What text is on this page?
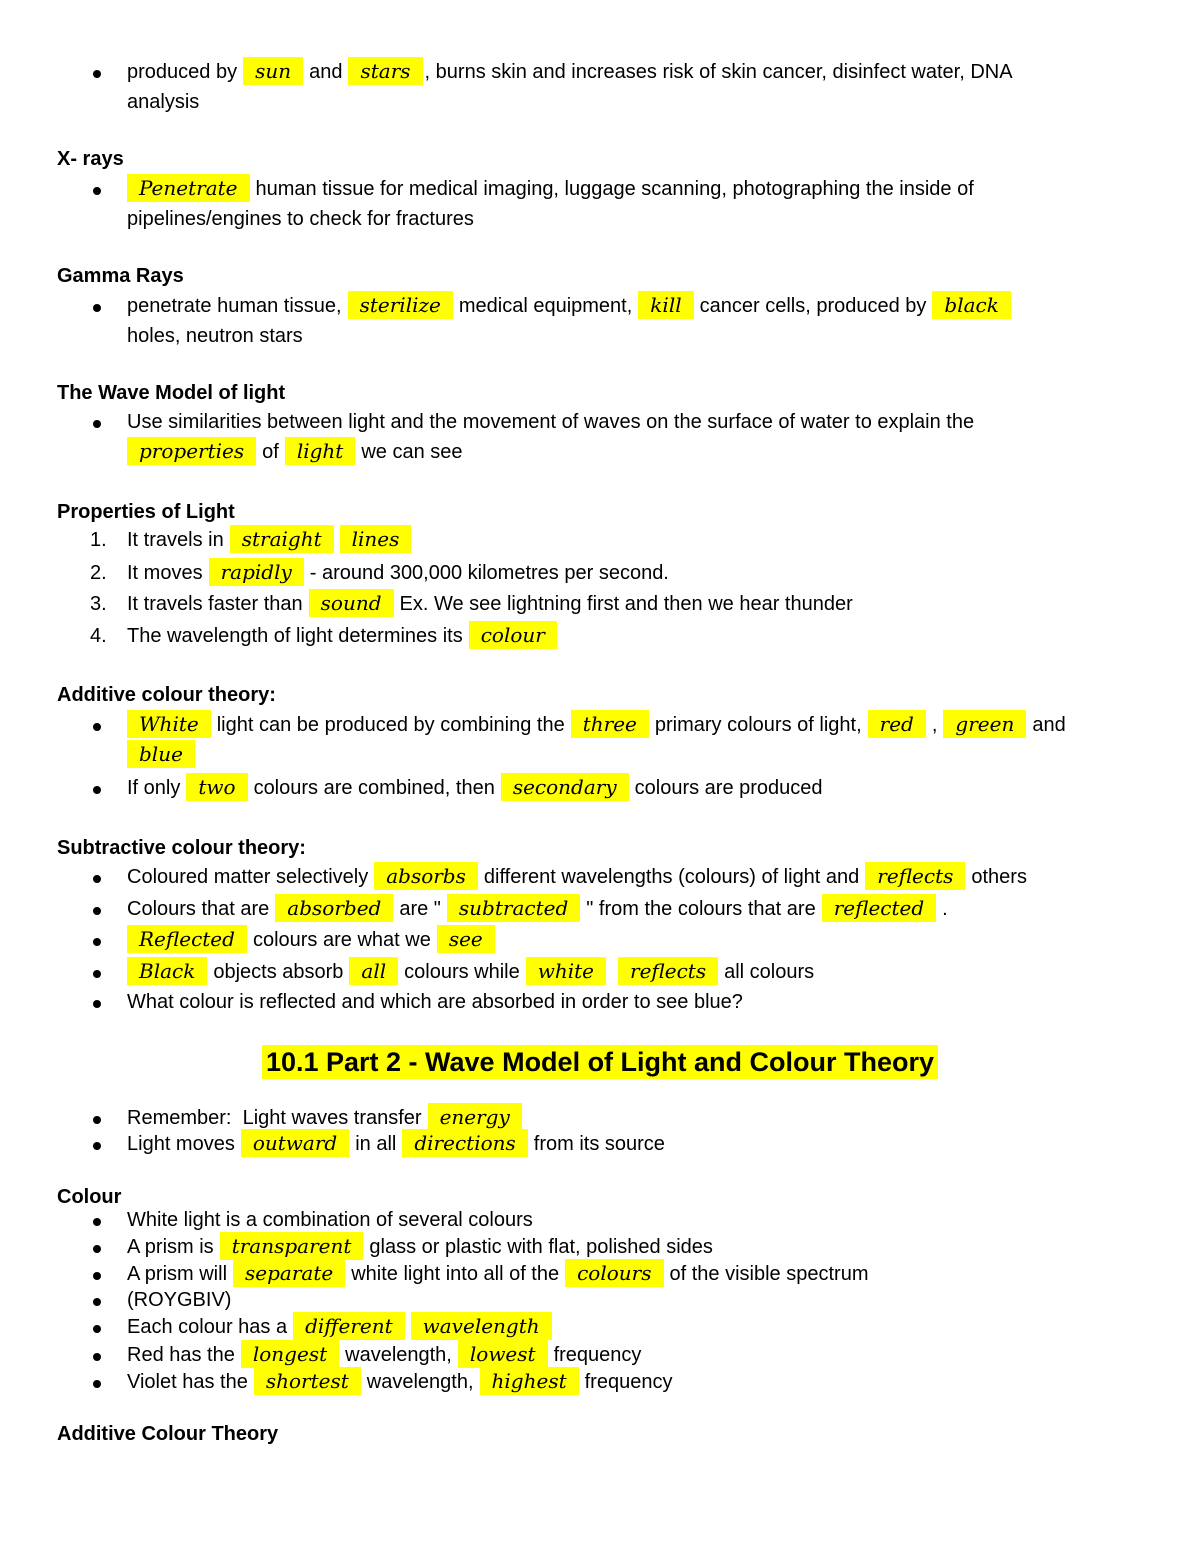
produced by sun and stars , burns skin and increases risk of skin cancer, disinfect water, DNA
analysis
X- rays
Penetrate human tissue for medical imaging, luggage scanning, photographing the inside of
pipelines/engines to check for fractures
Gamma Rays
penetrate human tissue, sterilize medical equipment, kill cancer cells, produced by black
holes, neutron stars
The Wave Model of light
Use similarities between light and the movement of waves on the surface of water to explain the
properties of light we can see
Properties of Light
1. It travels in straight lines
2. It moves rapidly - around 300,000 kilometres per second.
3. It travels faster than sound Ex. We see lightning first and then we hear thunder
4. The wavelength of light determines its colour
Additive colour theory:
White light can be produced by combining the three primary colours of light, red , green and
blue
If only two colours are combined, then secondary colours are produced
Subtractive colour theory:
Coloured matter selectively absorbs different wavelengths (colours) of light and reflects others
Colours that are absorbed are " subtracted " from the colours that are reflected .
Reflected colours are what we see
Black objects absorb all colours while white reflects all colours
What colour is reflected and which are absorbed in order to see blue?
10.1 Part 2 - Wave Model of Light and Colour Theory
Remember:  Light waves transfer energy
Light moves outward in all directions from its source
Colour
White light is a combination of several colours
A prism is transparent glass or plastic with flat, polished sides
A prism will separate white light into all of the colours of the visible spectrum
(ROYGBIV)
Each colour has a different wavelength
Red has the longest wavelength, lowest frequency
Violet has the shortest wavelength, highest frequency
Additive Colour Theory
